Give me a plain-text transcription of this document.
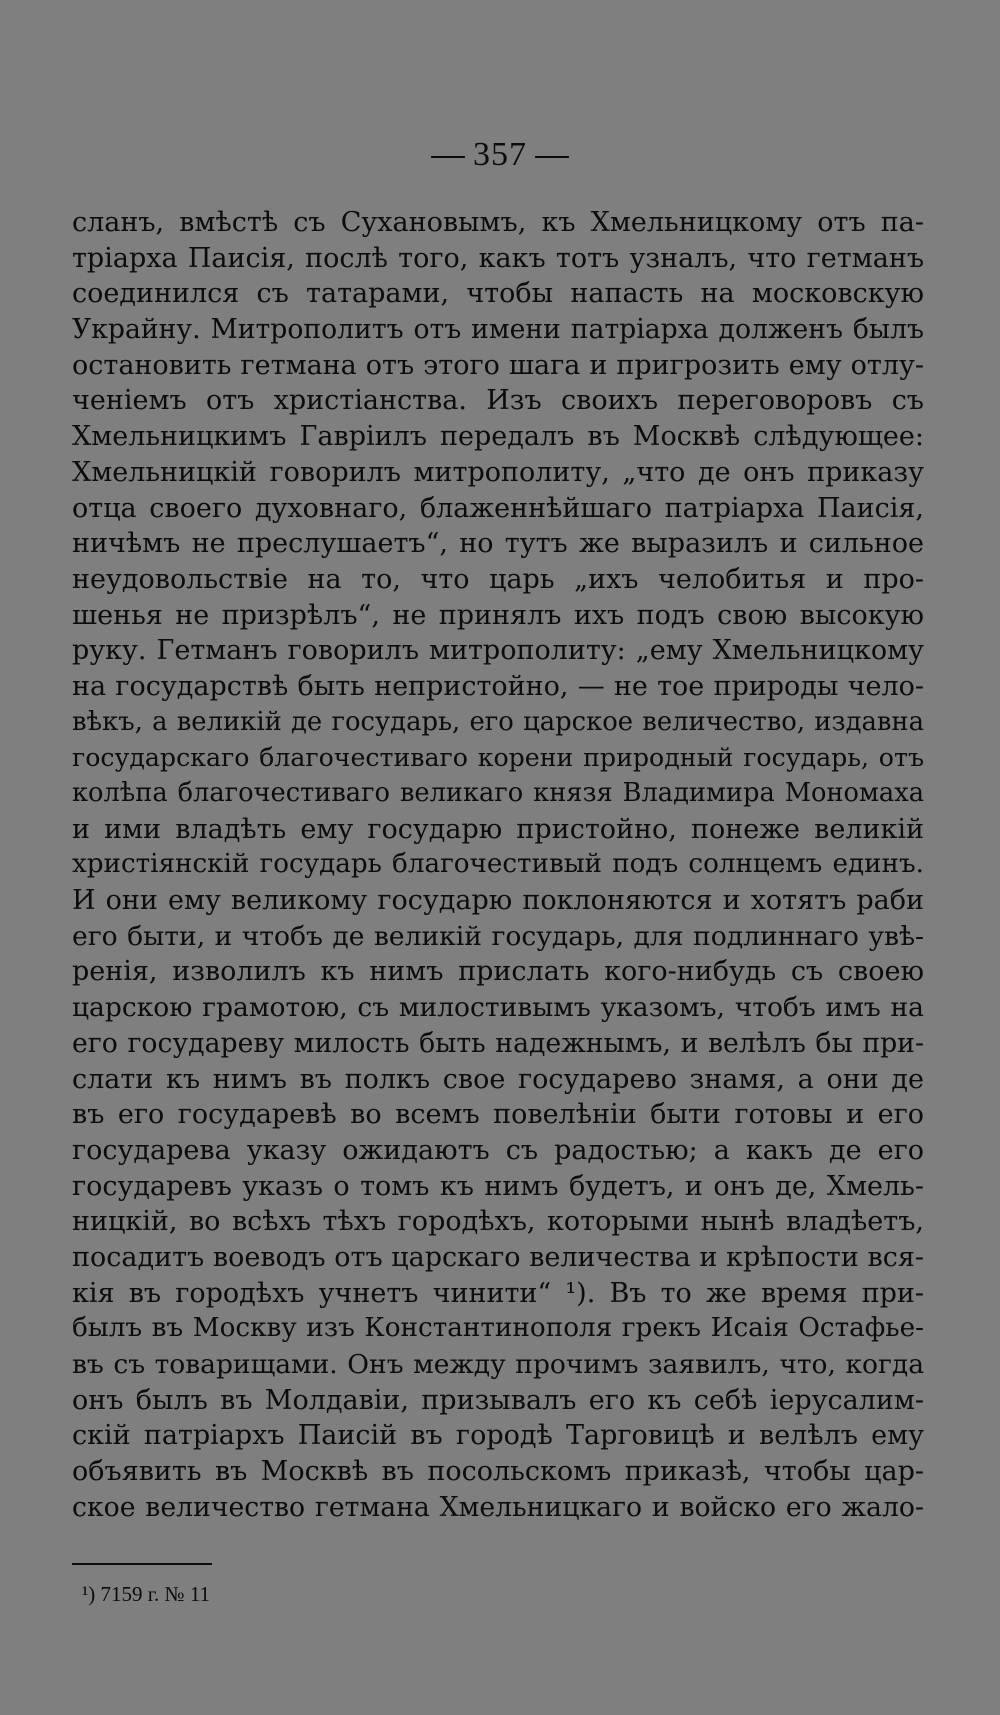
357
сланъ, вмѣстѣ съ Сухановымъ, къ Хмельницкому отъ па-
тріарха Паисія, послѣ того, какъ тотъ узналъ, что гетманъ
соединился съ татарами, чтобы напасть на московскую
Украйну. Митрополитъ отъ имени патріарха долженъ былъ
остановить гетмана отъ этого шага и пригрозить ему отлу-
ченіемъ отъ христіанства. Изъ своихъ переговоровъ съ
Хмельницкимъ Гавріилъ передалъ въ Москвѣ слѣдующее:
Хмельницкій говорилъ митрополиту, „что де онъ приказу
отца своего духовнаго, блаженнѣйшаго патріарха Паисія,
ничѣмъ не преслушаетъ“, но тутъ же выразилъ и сильное
неудовольствіе на то, что царь „ихъ челобитья и про-
шенья не призрѣлъ“, не принялъ ихъ подъ свою высокую
руку. Гетманъ говорилъ митрополиту: „ему Хмельницкому
на государствѣ быть непристойно, — не тое природы чело-
вѣкъ, а великій де государь, его царское величество, издавна
государскаго благочестиваго корени природный государь, отъ
колѣпа благочестиваго великаго князя Владимира Мономаха
и ими владѣть ему государю пристойно, понеже великій
христіянскій государь благочестивый подъ солнцемъ единъ.
И они ему великому государю поклоняются и хотятъ раби
его быти, и чтобъ де великій государь, для подлиннаго увѣ-
ренія, изволилъ къ нимъ прислать кого-нибудь съ своею
царскою грамотою, съ милостивымъ указомъ, чтобъ имъ на
его государеву милость быть надежнымъ, и велѣлъ бы при-
слати къ нимъ въ полкъ свое государево знамя, а они де
въ его государевѣ во всемъ повелѣніи быти готовы и его
государева указу ожидаютъ съ радостью; а какъ де его
государевъ указъ о томъ къ нимъ будетъ, и онъ де, Хмель-
ницкій, во всѣхъ тѣхъ городѣхъ, которыми нынѣ владѣетъ,
посадитъ воеводъ отъ царскаго величества и крѣпости вся-
кія въ городѣхъ учнетъ чинити“ ¹). Въ то же время при-
былъ въ Москву изъ Константинополя грекъ Исаія Остафье-
въ съ товарищами. Онъ между прочимъ заявилъ, что, когда
онъ былъ въ Молдавіи, призывалъ его къ себѣ іерусалим-
скій патріархъ Паисій въ городѣ Тарговицѣ и велѣлъ ему
объявить въ Москвѣ въ посольскомъ приказѣ, чтобы цар-
ское величество гетмана Хмельницкаго и войско его жало-
¹) 7159 г. № 11
